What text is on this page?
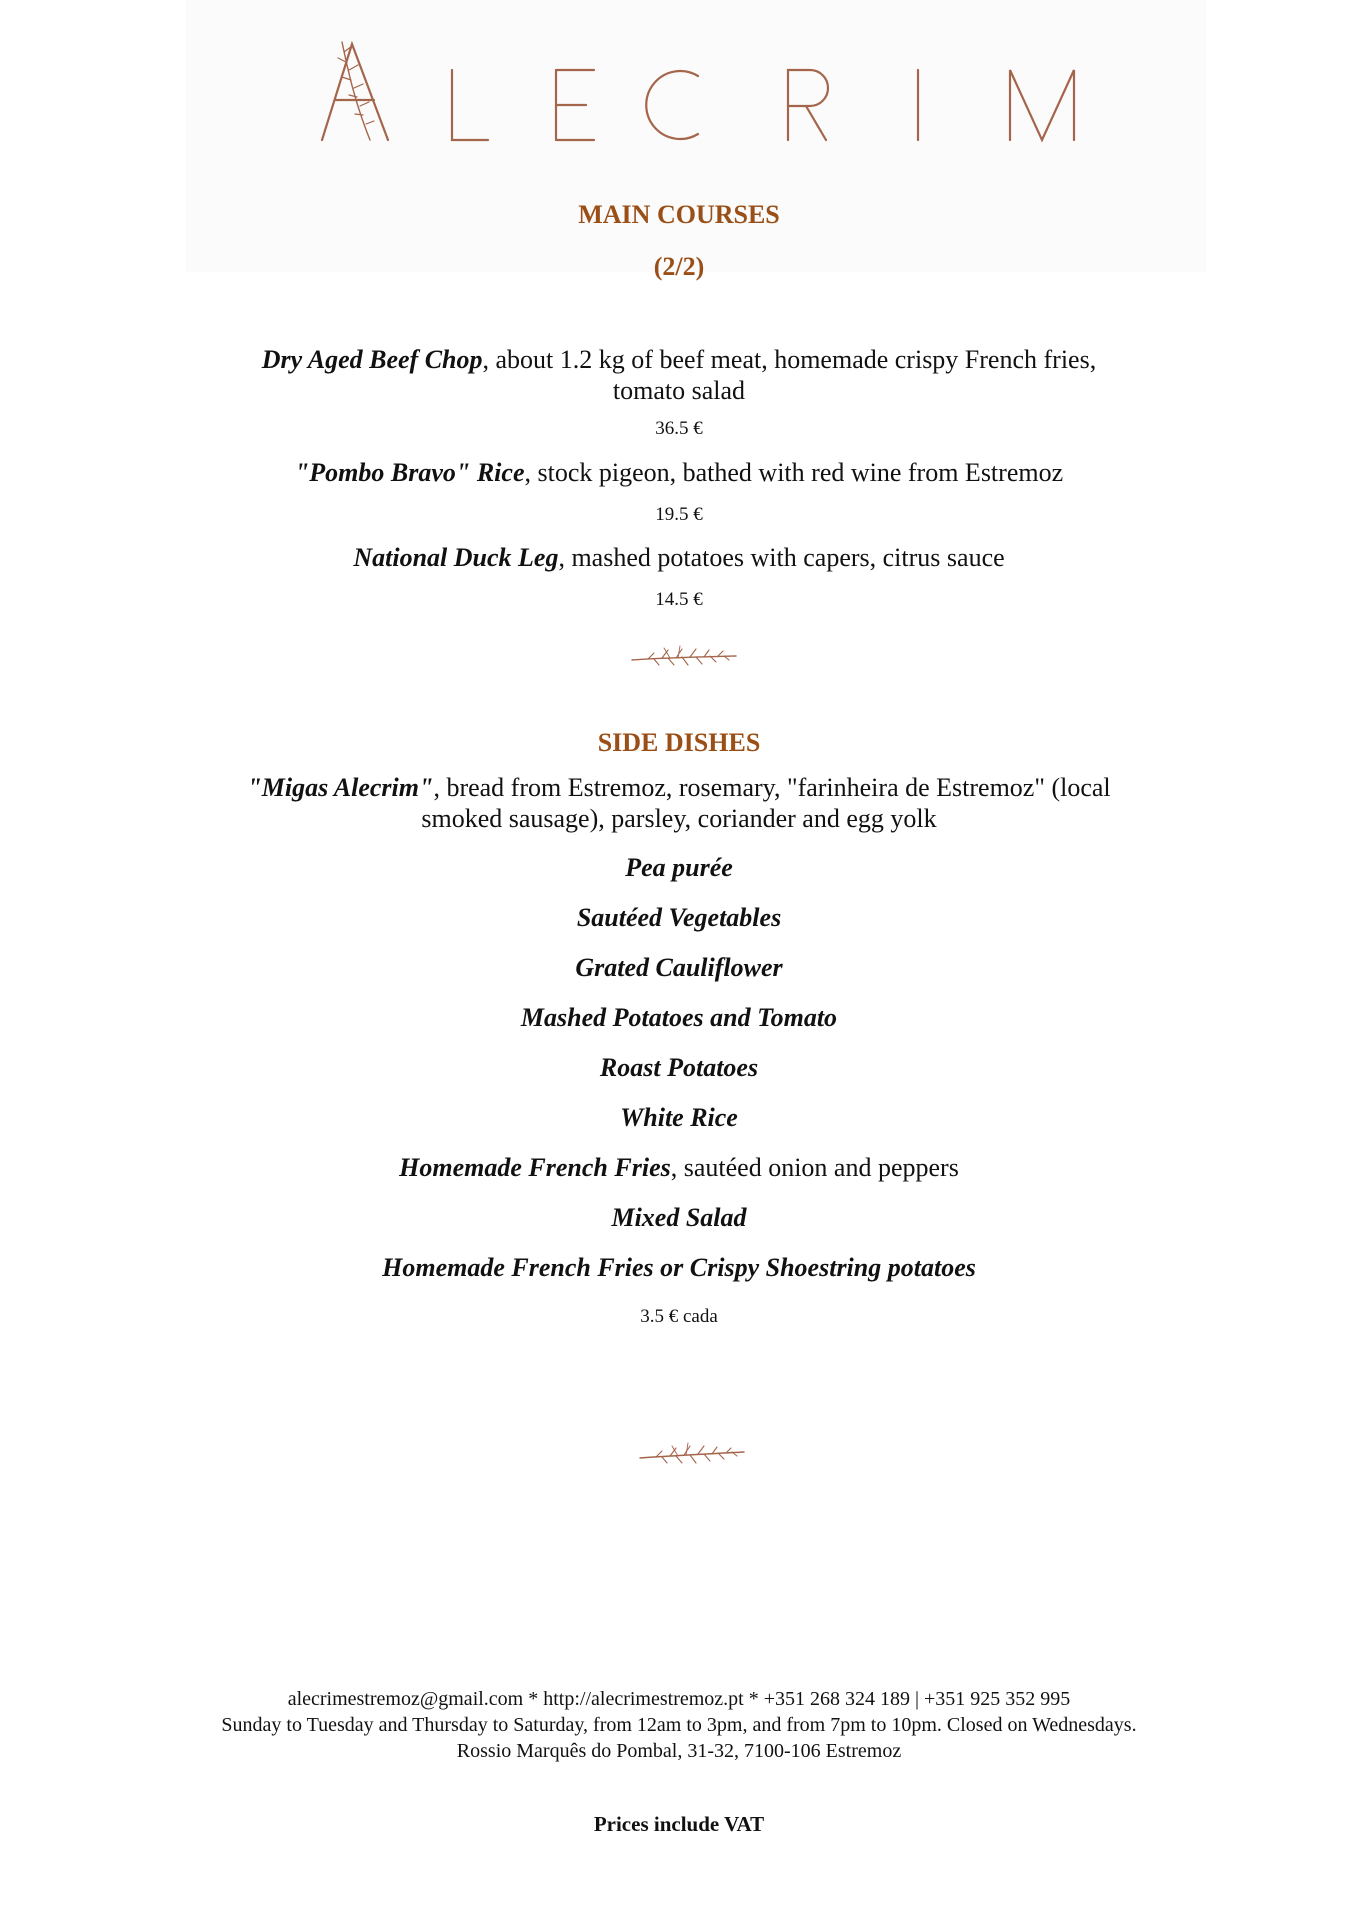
MAIN COURSES
(2/2)
Dry Aged Beef Chop, about 1.2 kg of beef meat, homemade crispy French fries,
tomato salad
36.5 €
"Pombo Bravo" Rice, stock pigeon, bathed with red wine from Estremoz
19.5 €
National Duck Leg, mashed potatoes with capers, citrus sauce
14.5 €
SIDE DISHES
"Migas Alecrim", bread from Estremoz, rosemary, "farinheira de Estremoz" (local
smoked sausage), parsley, coriander and egg yolk
Pea purée
Sautéed Vegetables
Grated Cauliflower
Mashed Potatoes and Tomato
Roast Potatoes
White Rice
Homemade French Fries, sautéed onion and peppers
Mixed Salad
Homemade French Fries or Crispy Shoestring potatoes
3.5 € cada
alecrimestremoz@gmail.com * http://alecrimestremoz.pt * +351 268 324 189 | +351 925 352 995
Sunday to Tuesday and Thursday to Saturday, from 12am to 3pm, and from 7pm to 10pm. Closed on Wednesdays.
Rossio Marquês do Pombal, 31-32, 7100-106 Estremoz
Prices include VAT
